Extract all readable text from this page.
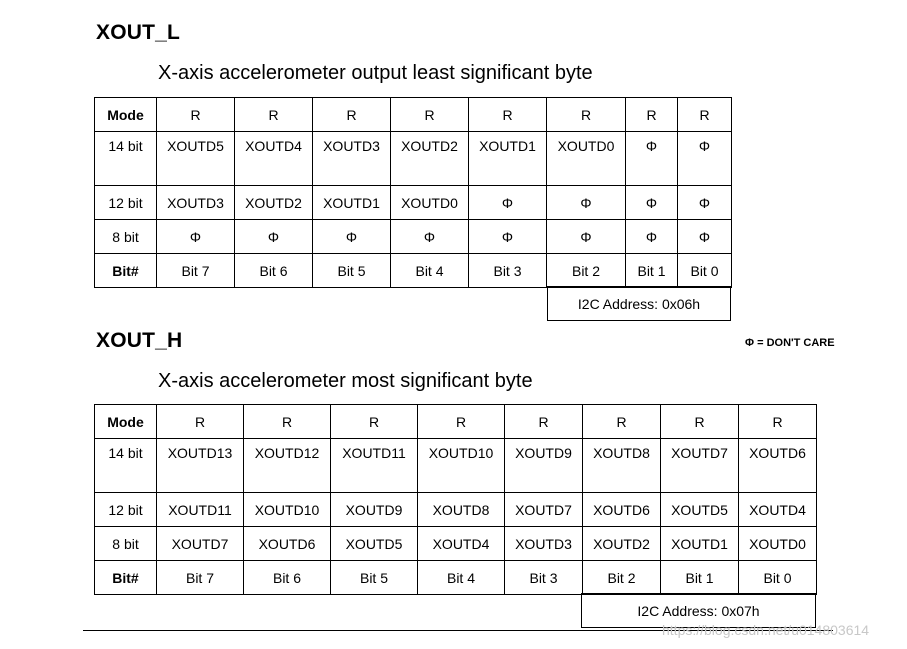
XOUT_L

X-axis accelerometer output least significant byte

Mode	R	R	R	R	R	R	R	R
14 bit	XOUTD5	XOUTD4	XOUTD3	XOUTD2	XOUTD1	XOUTD0	Φ	Φ
12 bit	XOUTD3	XOUTD2	XOUTD1	XOUTD0	Φ	Φ	Φ	Φ
8 bit	Φ	Φ	Φ	Φ	Φ	Φ	Φ	Φ
Bit#	Bit 7	Bit 6	Bit 5	Bit 4	Bit 3	Bit 2	Bit 1	Bit 0
I2C Address: 0x06h
Φ = DON'T CARE
XOUT_H

X-axis accelerometer most significant byte

Mode	R	R	R	R	R	R	R	R
14 bit	XOUTD13	XOUTD12	XOUTD11	XOUTD10	XOUTD9	XOUTD8	XOUTD7	XOUTD6
12 bit	XOUTD11	XOUTD10	XOUTD9	XOUTD8	XOUTD7	XOUTD6	XOUTD5	XOUTD4
8 bit	XOUTD7	XOUTD6	XOUTD5	XOUTD4	XOUTD3	XOUTD2	XOUTD1	XOUTD0
Bit#	Bit 7	Bit 6	Bit 5	Bit 4	Bit 3	Bit 2	Bit 1	Bit 0
I2C Address: 0x07h
https://blog.csdn.net/u014803614
